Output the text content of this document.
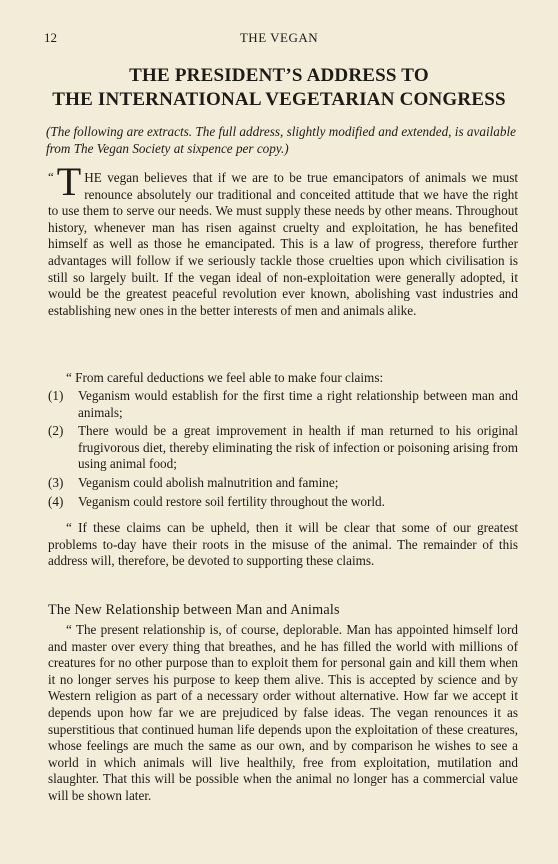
12	THE VEGAN
THE PRESIDENT’S ADDRESS TO
THE INTERNATIONAL VEGETARIAN CONGRESS
(The following are extracts. The full address, slightly modified and extended, is available from The Vegan Society at sixpence per copy.)

“T HE vegan believes that if we are to be true emancipators of animals we must renounce absolutely our traditional and conceited attitude that we have the right to use them to serve our needs. We must supply these needs by other means. Throughout history, whenever man has risen against cruelty and exploitation, he has benefited himself as well as those he emancipated. This is a law of progress, therefore further advantages will follow if we seriously tackle those cruelties upon which civilisation is still so largely built. If the vegan ideal of non-exploitation were generally adopted, it would be the greatest peaceful revolution ever known, abolishing vast industries and establishing new ones in the better interests of men and animals alike.

“ From careful deductions we feel able to make four claims:
(1)	Veganism would establish for the first time a right relationship between man and animals;
(2)	There would be a great improvement in health if man returned to his original frugivorous diet, thereby eliminating the risk of infection or poisoning arising from using animal food;
(3)	Veganism could abolish malnutrition and famine;
(4)	Veganism could restore soil fertility throughout the world.
“ If these claims can be upheld, then it will be clear that some of our greatest problems to-day have their roots in the misuse of the animal. The remainder of this address will, therefore, be devoted to supporting these claims.
The New Relationship between Man and Animals
“ The present relationship is, of course, deplorable. Man has appointed himself lord and master over every thing that breathes, and he has filled the world with millions of creatures for no other purpose than to exploit them for personal gain and kill them when it no longer serves his purpose to keep them alive. This is accepted by science and by Western religion as part of a necessary order without alternative. How far we accept it depends upon how far we are prejudiced by false ideas. The vegan renounces it as superstitious that continued human life depends upon the exploitation of these creatures, whose feelings are much the same as our own, and by comparison he wishes to see a world in which animals will live healthily, free from exploitation, mutilation and slaughter. That this will be possible when the animal no longer has a commercial value will be shown later.
